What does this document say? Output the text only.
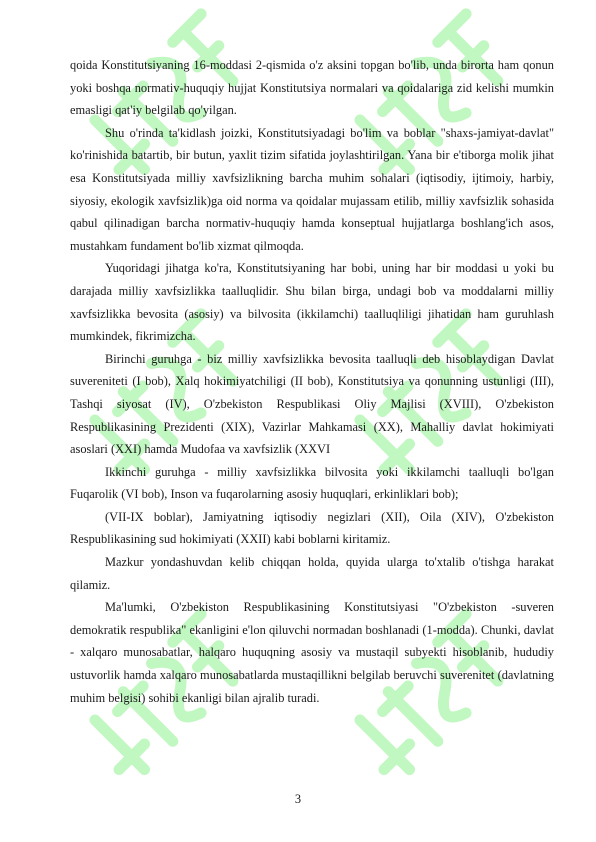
qoida Konstitutsiyaning 16-moddasi 2-qismida o'z aksini topgan bo'lib, unda birorta ham qonun yoki boshqa normativ-huquqiy hujjat Konstitutsiya normalari va qoidalariga zid kelishi mumkin emasligi qat'iy belgilab qo'yilgan.

Shu o'rinda ta'kidlash joizki, Konstitutsiyadagi bo'lim va boblar "shaxs-jamiyat-davlat" ko'rinishida batartib, bir butun, yaxlit tizim sifatida joylashtirilgan. Yana bir e'tiborga molik jihat esa Konstitutsiyada milliy xavfsizlikning barcha muhim sohalari (iqtisodiy, ijtimoiy, harbiy, siyosiy, ekologik xavfsizlik)ga oid norma va qoidalar mujassam etilib, milliy xavfsizlik sohasida qabul qilinadigan barcha normativ-huquqiy hamda konseptual hujjatlarga boshlang'ich asos, mustahkam fundament bo'lib xizmat qilmoqda.

Yuqoridagi jihatga ko'ra, Konstitutsiyaning har bobi, uning har bir moddasi u yoki bu darajada milliy xavfsizlikka taalluqlidir. Shu bilan birga, undagi bob va moddalarni milliy xavfsizlikka bevosita (asosiy) va bilvosita (ikkilamchi) taalluqliligi jihatidan ham guruhlash mumkindek, fikrimizcha.

Birinchi guruhga - biz milliy xavfsizlikka bevosita taalluqli deb hisoblaydigan Davlat suvereniteti (I bob), Xalq hokimiyatchiligi (II bob), Konstitutsiya va qonunning ustunligi (III), Tashqi siyosat (IV), O'zbekiston Respublikasi Oliy Majlisi (XVIII), O'zbekiston Respublikasining Prezidenti (XIX), Vazirlar Mahkamasi (XX), Mahalliy davlat hokimiyati asoslari (XXI) hamda Mudofaa va xavfsizlik (XXVI

Ikkinchi guruhga - milliy xavfsizlikka bilvosita yoki ikkilamchi taalluqli bo'lgan Fuqarolik (VI bob), Inson va fuqarolarning asosiy huquqlari, erkinliklari bob);

(VII-IX boblar), Jamiyatning iqtisodiy negizlari (XII), Oila (XIV), O'zbekiston Respublikasining sud hokimiyati (XXII) kabi boblarni kiritamiz.

Mazkur yondashuvdan kelib chiqqan holda, quyida ularga to'xtalib o'tishga harakat qilamiz.

Ma'lumki, O'zbekiston Respublikasining Konstitutsiyasi "O'zbekiston -suveren demokratik respublika" ekanligini e'lon qiluvchi normadan boshlanadi (1-modda). Chunki, davlat - xalqaro munosabatlar, halqaro huquqning asosiy va mustaqil subyekti hisoblanib, hududiy ustuvorlik hamda xalqaro munosabatlarda mustaqillikni belgilab beruvchi suverenitet (davlatning muhim belgisi) sohibi ekanligi bilan ajralib turadi.

3
